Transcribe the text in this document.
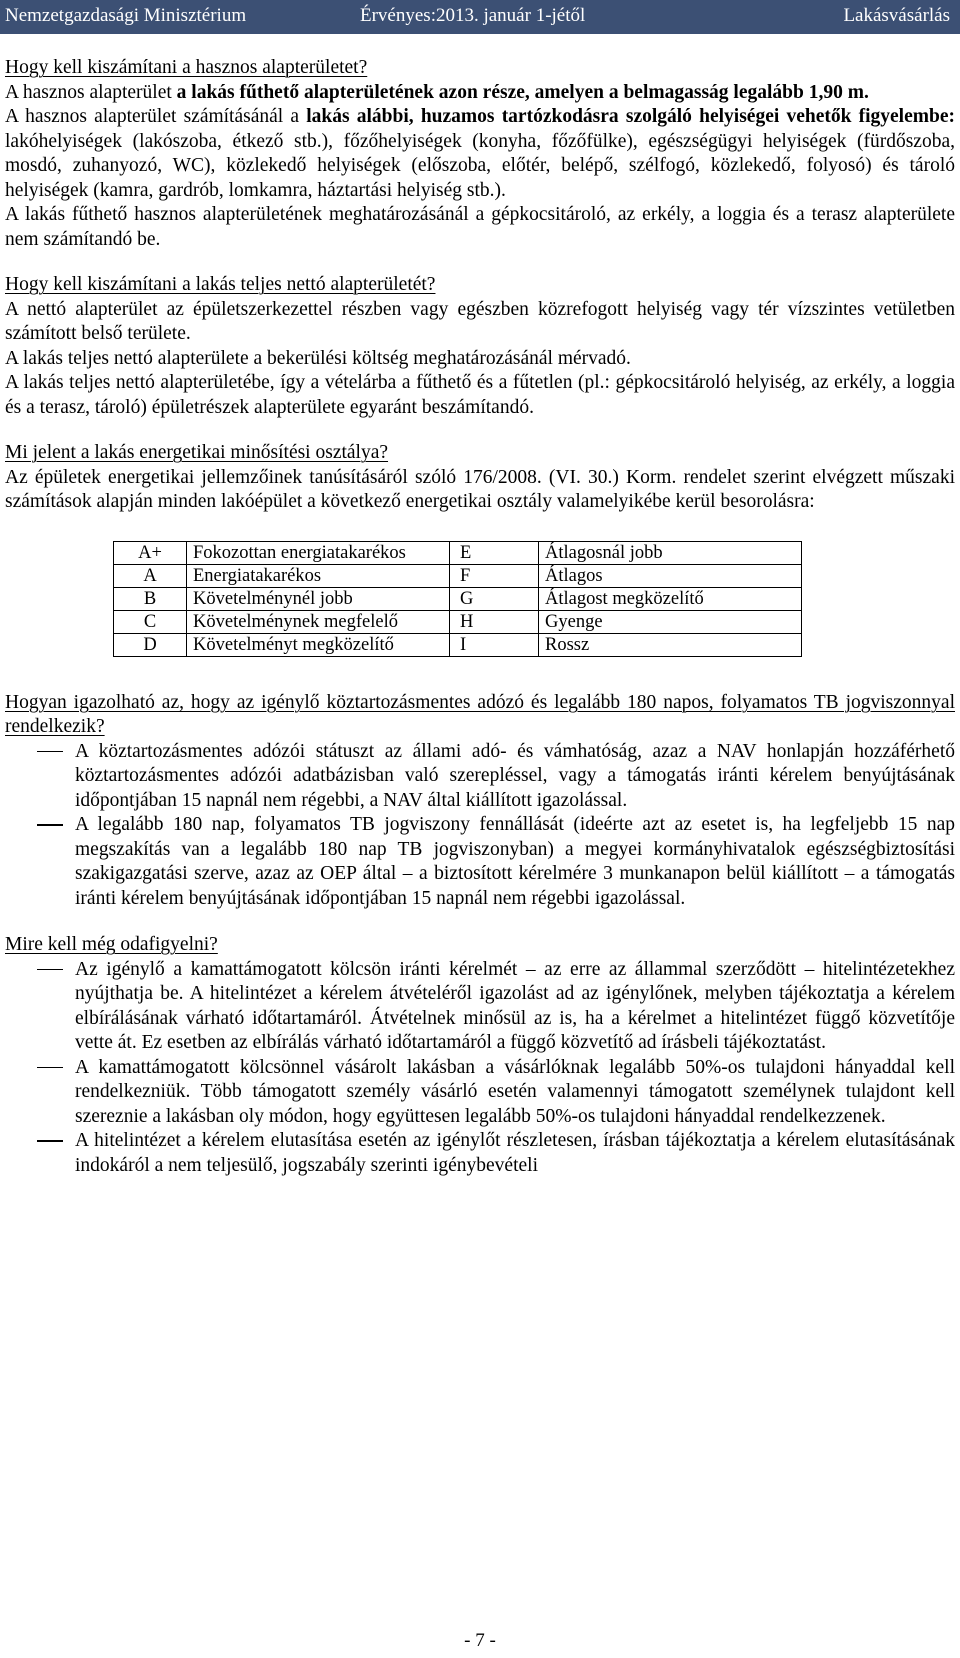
Nemzetgazdasági Minisztérium	Érvényes:2013. január 1-jétől	Lakásvásárlás

Hogy kell kiszámítani a hasznos alapterületet?

A hasznos alapterület a lakás fűthető alapterületének azon része, amelyen a belmagasság legalább 1,90 m.

A hasznos alapterület számításánál a lakás alábbi, huzamos tartózkodásra szolgáló helyiségei vehetők figyelembe: lakóhelyiségek (lakószoba, étkező stb.), főzőhelyiségek (konyha, főzőfülke), egészségügyi helyiségek (fürdőszoba, mosdó, zuhanyozó, WC), közlekedő helyiségek (előszoba, előtér, belépő, szélfogó, közlekedő, folyosó) és tároló helyiségek (kamra, gardrób, lomkamra, háztartási helyiség stb.).

A lakás fűthető hasznos alapterületének meghatározásánál a gépkocsitároló, az erkély, a loggia és a terasz alapterülete nem számítandó be.

Hogy kell kiszámítani a lakás teljes nettó alapterületét?

A nettó alapterület az épületszerkezettel részben vagy egészben közrefogott helyiség vagy tér vízszintes vetületben számított belső területe.

A lakás teljes nettó alapterülete a bekerülési költség meghatározásánál mérvadó.

A lakás teljes nettó alapterületébe, így a vételárba a fűthető és a fűtetlen (pl.: gépkocsitároló helyiség, az erkély, a loggia és a terasz, tároló) épületrészek alapterülete egyaránt beszámítandó.

Mi jelent a lakás energetikai minősítési osztálya?

Az épületek energetikai jellemzőinek tanúsításáról szóló 176/2008. (VI. 30.) Korm. rendelet szerint elvégzett műszaki számítások alapján minden lakóépület a következő energetikai osztály valamelyikébe kerül besorolásra:

A+	Fokozottan energiatakarékos	E	Átlagosnál jobb
A	Energiatakarékos	F	Átlagos
B	Követelménynél jobb	G	Átlagost megközelítő
C	Követelménynek megfelelő	H	Gyenge
D	Követelményt megközelítő	I	Rossz

Hogyan igazolható az, hogy az igénylő köztartozásmentes adózó és legalább 180 napos, folyamatos TB jogviszonnyal rendelkezik?

A köztartozásmentes adózói státuszt az állami adó- és vámhatóság, azaz a NAV honlapján hozzáférhető köztartozásmentes adózói adatbázisban való szerepléssel, vagy a támogatás iránti kérelem benyújtásának időpontjában 15 napnál nem régebbi, a NAV által kiállított igazolással.
A legalább 180 nap, folyamatos TB jogviszony fennállását (ideérte azt az esetet is, ha legfeljebb 15 nap megszakítás van a legalább 180 nap TB jogviszonyban) a megyei kormányhivatalok egészségbiztosítási szakigazgatási szerve, azaz az OEP által – a biztosított kérelmére 3 munkanapon belül kiállított – a támogatás iránti kérelem benyújtásának időpontjában 15 napnál nem régebbi igazolással.

Mire kell még odafigyelni?

Az igénylő a kamattámogatott kölcsön iránti kérelmét – az erre az állammal szerződött – hitelintézetekhez nyújthatja be. A hitelintézet a kérelem átvételéről igazolást ad az igénylőnek, melyben tájékoztatja a kérelem elbírálásának várható időtartamáról. Átvételnek minősül az is, ha a kérelmet a hitelintézet függő közvetítője vette át. Ez esetben az elbírálás várható időtartamáról a függő közvetítő ad írásbeli tájékoztatást.
A kamattámogatott kölcsönnel vásárolt lakásban a vásárlóknak legalább 50%-os tulajdoni hányaddal kell rendelkezniük. Több támogatott személy vásárló esetén valamennyi támogatott személynek tulajdont kell szereznie a lakásban oly módon, hogy együttesen legalább 50%-os tulajdoni hányaddal rendelkezzenek.
A hitelintézet a kérelem elutasítása esetén az igénylőt részletesen, írásban tájékoztatja a kérelem elutasításának indokáról a nem teljesülő, jogszabály szerinti igénybevételi
- 7 -
